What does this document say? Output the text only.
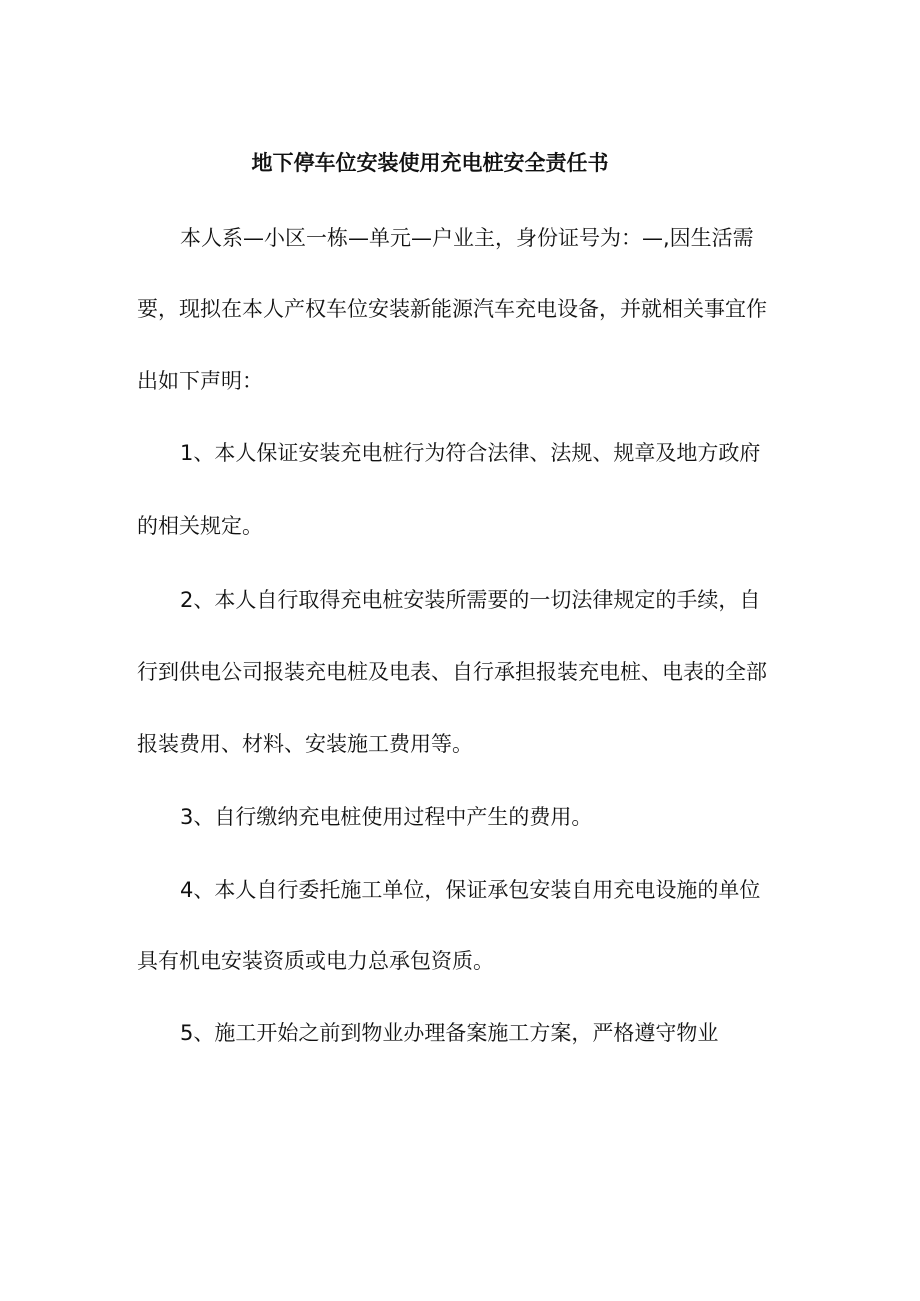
地下停车位安装使用充电桩安全责任书
本人系—小区一栋—单元—户业主，身份证号为：—,因生活需
要，现拟在本人产权车位安装新能源汽车充电设备，并就相关事宜作
出如下声明：
1、本人保证安装充电桩行为符合法律、法规、规章及地方政府
的相关规定。
2、本人自行取得充电桩安装所需要的一切法律规定的手续，自
行到供电公司报装充电桩及电表、自行承担报装充电桩、电表的全部
报装费用、材料、安装施工费用等。
3、自行缴纳充电桩使用过程中产生的费用。
4、本人自行委托施工单位，保证承包安装自用充电设施的单位
具有机电安装资质或电力总承包资质。
5、施工开始之前到物业办理备案施工方案，严格遵守物业
